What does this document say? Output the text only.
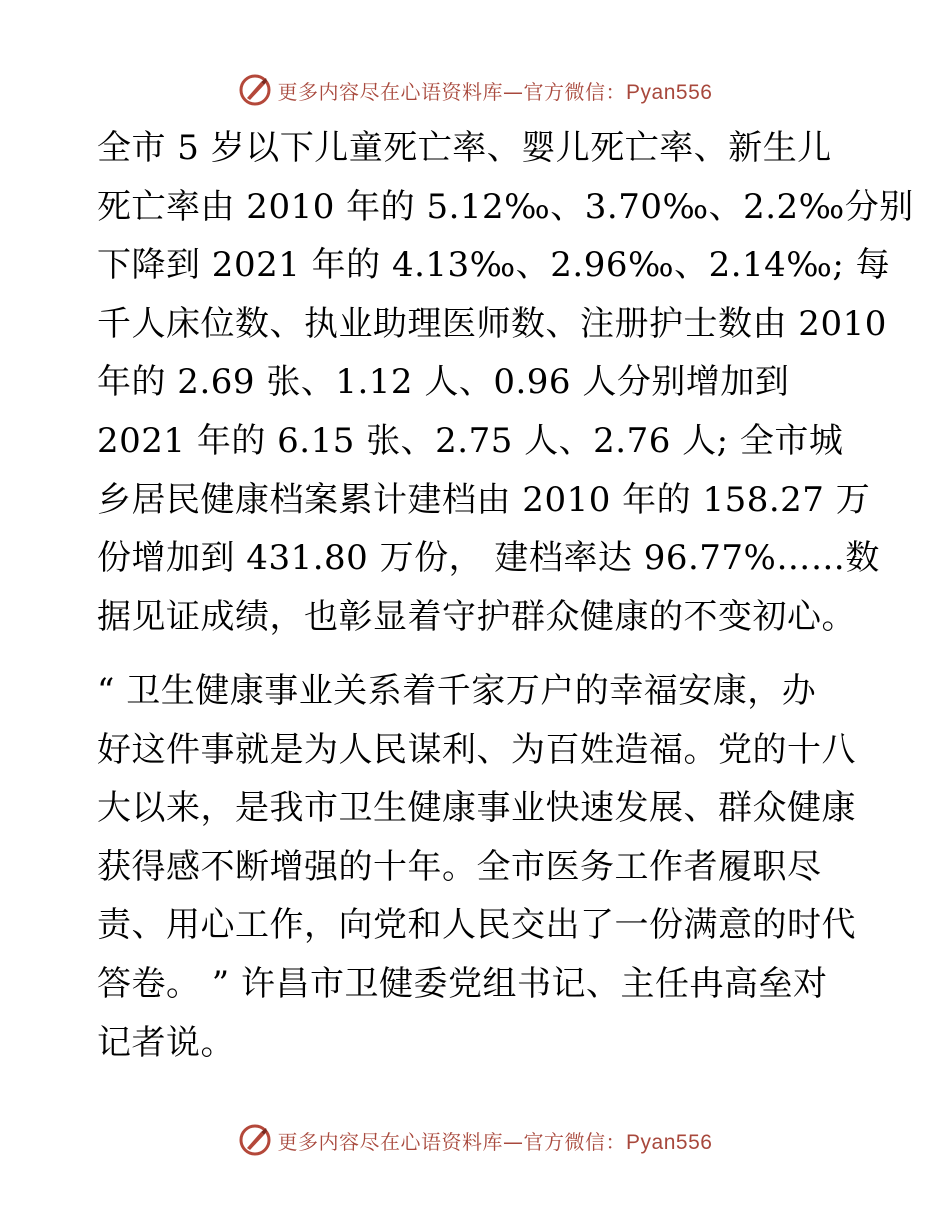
更多内容尽在心语资料库—官方微信：Pyan556
全市 5 岁以下儿童死亡率、婴儿死亡率、新生儿
死亡率由 2010 年的 5.12‰、3.70‰、2.2‰分别
下降到 2021 年的 4.13‰、2.96‰、2.14‰; 每
千人床位数、执业助理医师数、注册护士数由 2010
年的 2.69 张、1.12 人、0.96 人分别增加到
2021 年的 6.15 张、2.75 人、2.76 人; 全市城
乡居民健康档案累计建档由 2010 年的 158.27 万
份增加到 431.80 万份， 建档率达 96.77%……数
据见证成绩，也彰显着守护群众健康的不变初心。
“ 卫生健康事业关系着千家万户的幸福安康，办
好这件事就是为人民谋利、为百姓造福。党的十八
大以来，是我市卫生健康事业快速发展、群众健康
获得感不断增强的十年。全市医务工作者履职尽
责、用心工作，向党和人民交出了一份满意的时代
答卷。 ” 许昌市卫健委党组书记、主任冉高垒对
记者说。
更多内容尽在心语资料库—官方微信：Pyan556
